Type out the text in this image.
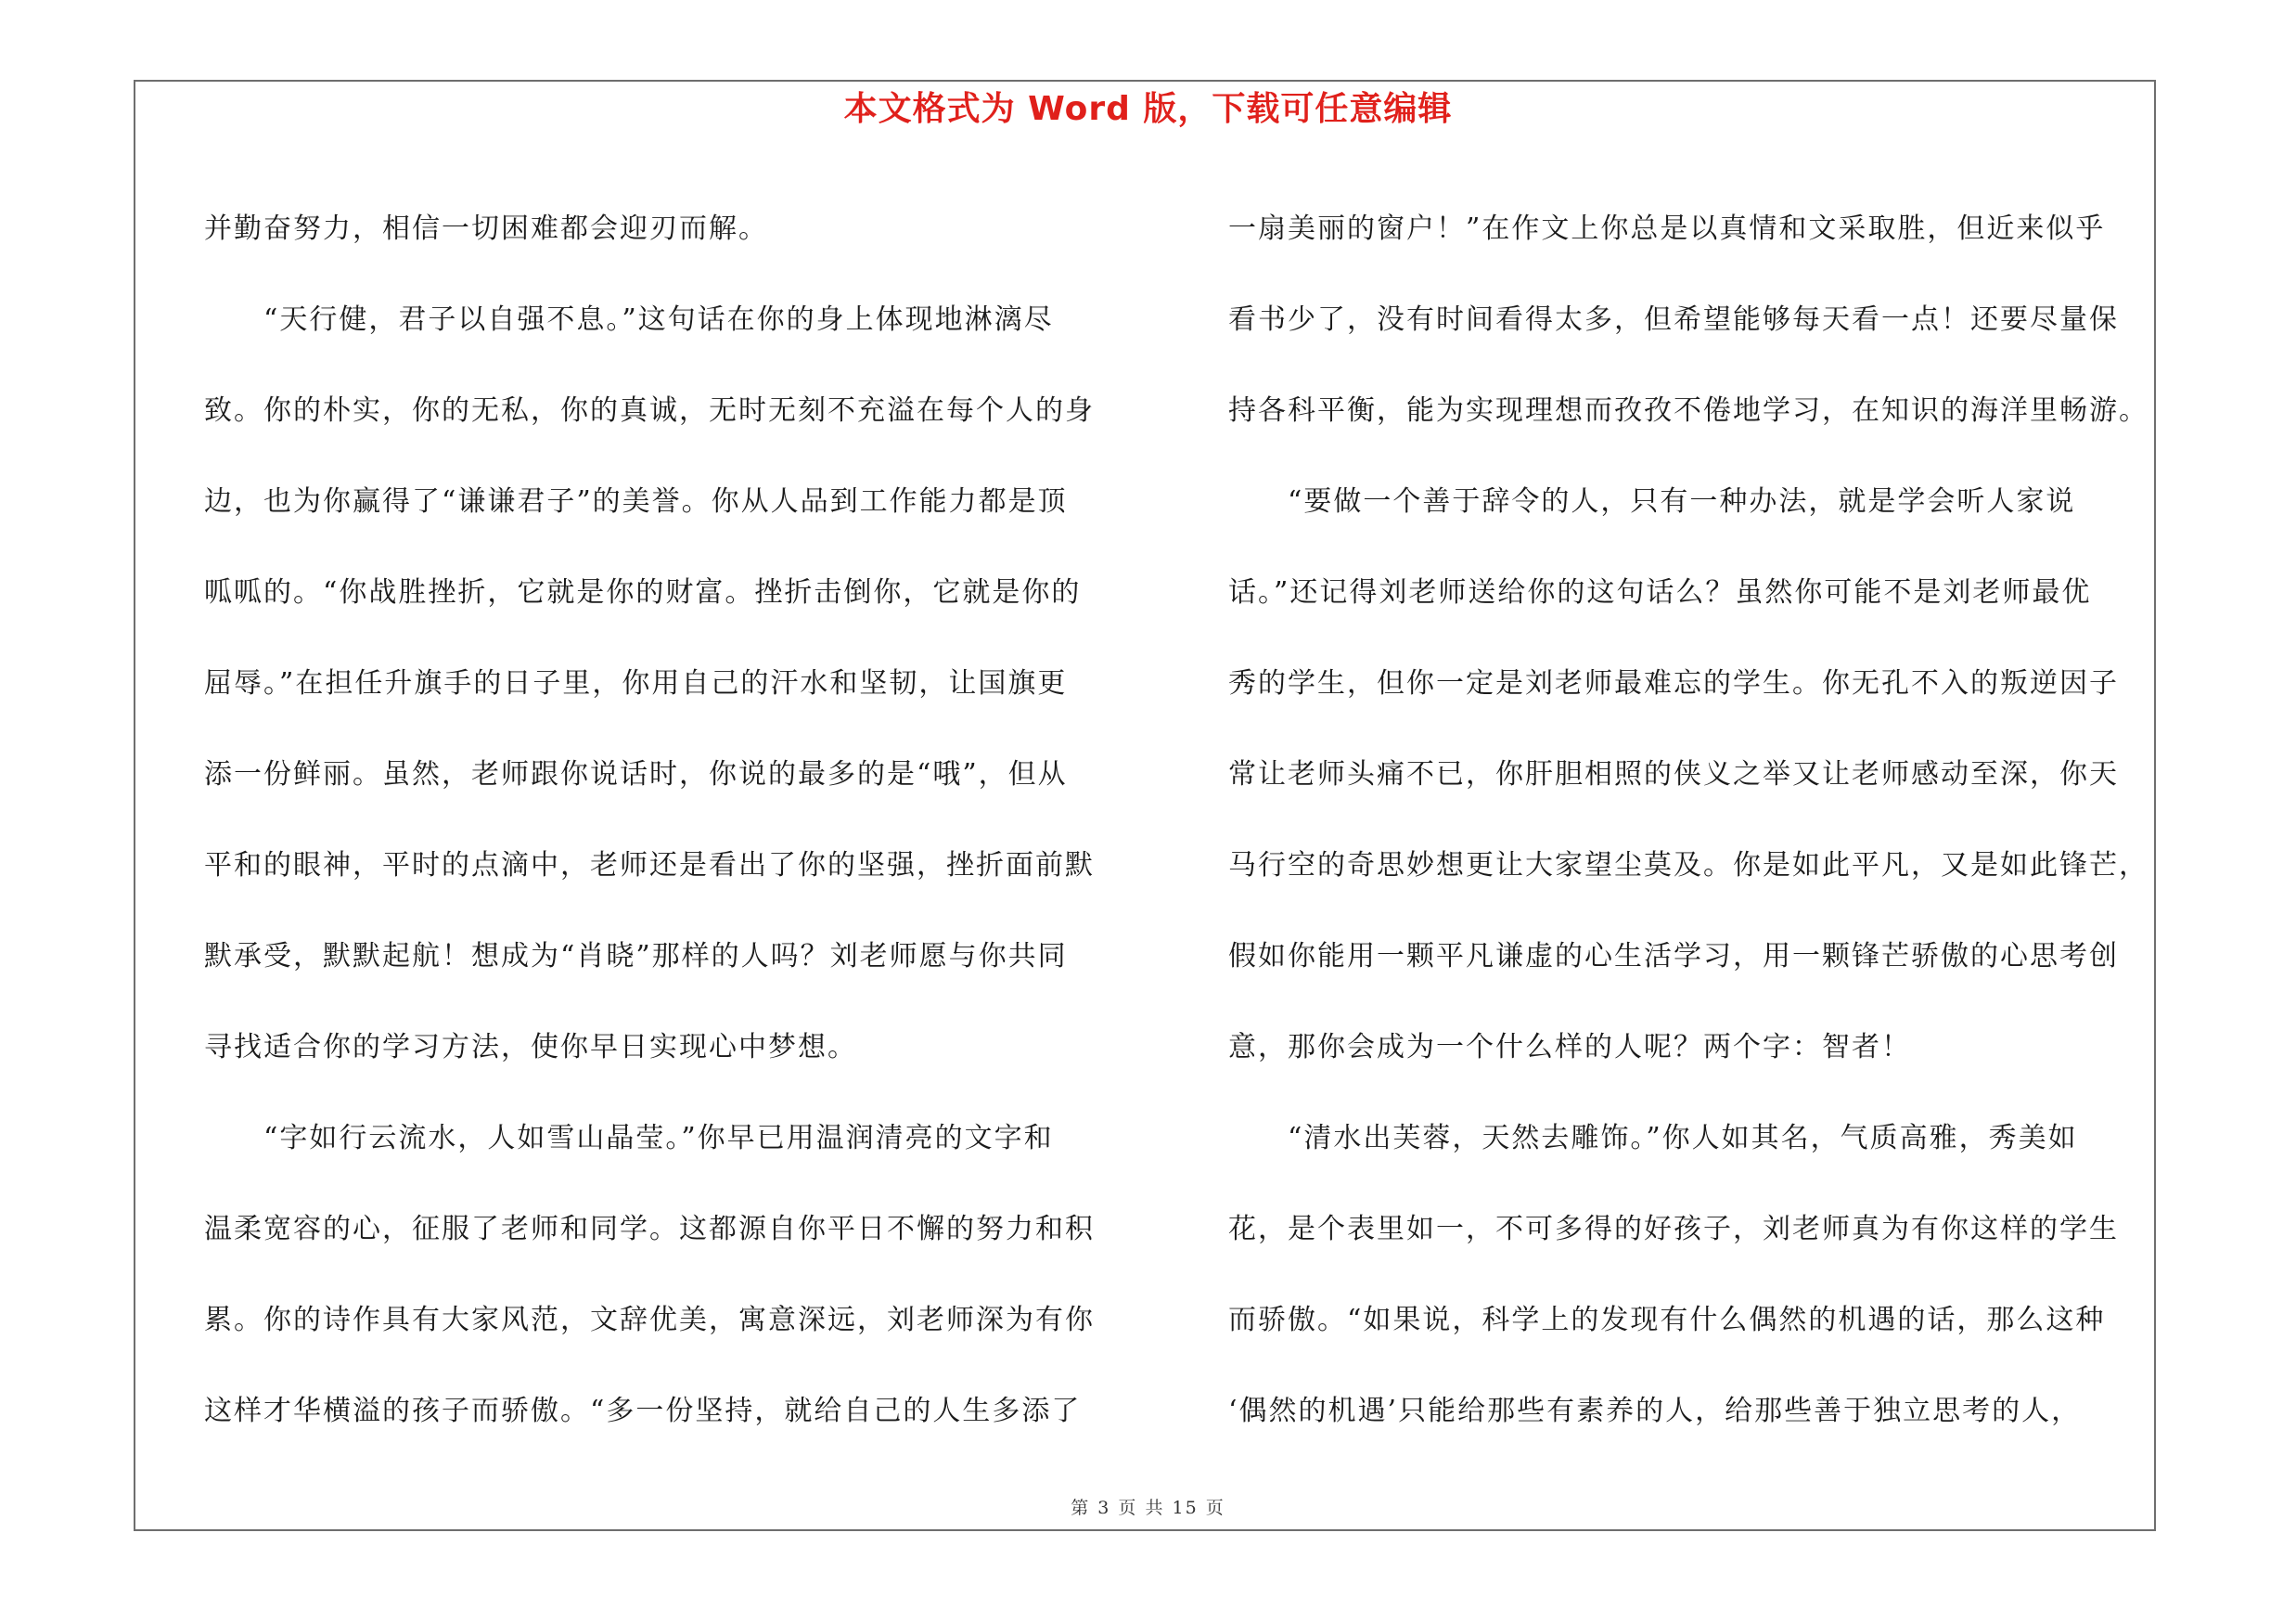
本文格式为 Word 版，下载可任意编辑
并勤奋努力，相信一切困难都会迎刃而解。
“天行健，君子以自强不息。”这句话在你的身上体现地淋漓尽
致。你的朴实，你的无私，你的真诚，无时无刻不充溢在每个人的身
边，也为你赢得了“谦谦君子”的美誉。你从人品到工作能力都是顶
呱呱的。“你战胜挫折，它就是你的财富。挫折击倒你，它就是你的
屈辱。”在担任升旗手的日子里，你用自己的汗水和坚韧，让国旗更
添一份鲜丽。虽然，老师跟你说话时，你说的最多的是“哦”，但从
平和的眼神，平时的点滴中，老师还是看出了你的坚强，挫折面前默
默承受，默默起航！想成为“肖晓”那样的人吗？刘老师愿与你共同
寻找适合你的学习方法，使你早日实现心中梦想。
“字如行云流水，人如雪山晶莹。”你早已用温润清亮的文字和
温柔宽容的心，征服了老师和同学。这都源自你平日不懈的努力和积
累。你的诗作具有大家风范，文辞优美，寓意深远，刘老师深为有你
这样才华横溢的孩子而骄傲。“多一份坚持，就给自己的人生多添了
一扇美丽的窗户！”在作文上你总是以真情和文采取胜，但近来似乎
看书少了，没有时间看得太多，但希望能够每天看一点！还要尽量保
持各科平衡，能为实现理想而孜孜不倦地学习，在知识的海洋里畅游。
“要做一个善于辞令的人，只有一种办法，就是学会听人家说
话。”还记得刘老师送给你的这句话么？虽然你可能不是刘老师最优
秀的学生，但你一定是刘老师最难忘的学生。你无孔不入的叛逆因子
常让老师头痛不已，你肝胆相照的侠义之举又让老师感动至深，你天
马行空的奇思妙想更让大家望尘莫及。你是如此平凡，又是如此锋芒，
假如你能用一颗平凡谦虚的心生活学习，用一颗锋芒骄傲的心思考创
意，那你会成为一个什么样的人呢？两个字：智者！
“清水出芙蓉，天然去雕饰。”你人如其名，气质高雅，秀美如
花，是个表里如一，不可多得的好孩子，刘老师真为有你这样的学生
而骄傲。“如果说，科学上的发现有什么偶然的机遇的话，那么这种
‘偶然的机遇’只能给那些有素养的人，给那些善于独立思考的人，
第 3 页 共 15 页
